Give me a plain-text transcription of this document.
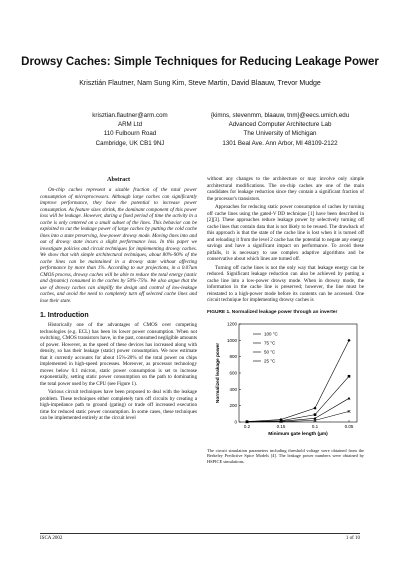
Drowsy Caches: Simple Techniques for Reducing Leakage Power
Krisztián Flautner, Nam Sung Kim, Steve Martin, David Blaauw, Trevor Mudge
krisztian.flautner@arm.com
ARM Ltd
110 Fulbourn Road
Cambridge, UK CB1 9NJ
{kimns, stevenmm, blaauw, tnm}@eecs.umich.edu
Advanced Computer Architecture Lab
The University of Michigan
1301 Beal Ave. Ann Arbor, MI 48109-2122
Abstract

On-chip caches represent a sizable fraction of the total power consumption of microprocessors. Although large caches can significantly improve performance, they have the potential to increase power consumption. As feature sizes shrink, the dominant component of this power loss will be leakage. However, during a fixed period of time the activity in a cache is only centered on a small subset of the lines. This behavior can be exploited to cut the leakage power of large caches by putting the cold cache lines into a state preserving, low-power drowsy mode. Moving lines into and out of drowsy state incurs a slight performance loss. In this paper we investigate policies and circuit techniques for implementing drowsy caches. We show that with simple architectural techniques, about 80%-90% of the cache lines can be maintained in a drowsy state without affecting performance by more than 1%. According to our projections, in a 0.07um CMOS process, drowsy caches will be able to reduce the total energy (static and dynamic) consumed in the caches by 50%-75%. We also argue that the use of drowsy caches can simplify the design and control of low-leakage caches, and avoid the need to completely turn off selected cache lines and lose their state.

1. Introduction

Historically one of the advantages of CMOS over competing technologies (e.g. ECL) has been its lower power consumption. When not switching, CMOS transistors have, in the past, consumed negligible amounts of power. However, as the speed of these devices has increased along with density, so has their leakage (static) power consumption. We now estimate that it currently accounts for about 15%-20% of the total power on chips implemented in high-speed processes. Moreover, as processor technology moves below 0.1 micron, static power consumption is set to increase exponentially, setting static power consumption on the path to dominating the total power used by the CPU (see Figure 1).

Various circuit techniques have been proposed to deal with the leakage problem. These techniques either completely turn off circuits by creating a high-impedance path to ground (gating) or trade off increased execution time for reduced static power consumption. In some cases, these techniques can be implemented entirely at the circuit level

without any changes to the architecture or may involve only simple architectural modifications. The on-chip caches are one of the main candidates for leakage reduction since they contain a significant fraction of the processor's transistors.

Approaches for reducing static power consumption of caches by turning off cache lines using the gated-V DD technique [1] have been described in [2][3]. These approaches reduce leakage power by selectively turning off cache lines that contain data that is not likely to be reused. The drawback of this approach is that the state of the cache line is lost when it is turned off and reloading it from the level 2 cache has the potential to negate any energy savings and have a significant impact on performance. To avoid these pitfalls, it is necessary to use complex adaptive algorithms and be conservative about which lines are turned off.

Turning off cache lines is not the only way that leakage energy can be reduced. Significant leakage reduction can also be achieved by putting a cache line into a low-power drowsy mode. When in drowsy mode, the information in the cache line is preserved; however, the line must be reinstated to a high-power mode before its contents can be accessed. One circuit technique for implementing drowsy caches is

FIGURE 1. Normalized leakage power through an inverter
0
200
400
600
800
1000
1200
0.2	0.15	0.1	0.05
Minimum gate length (µm)
Normalized leakage power
100 °C
75 °C
50 °C
25 °C
The circuit simulation parameters including threshold voltage were obtained from the Berkeley Predictive Spice Models [4]. The leakage power numbers were obtained by HSPICE simulations.
ISCA 2002	1 of 10
